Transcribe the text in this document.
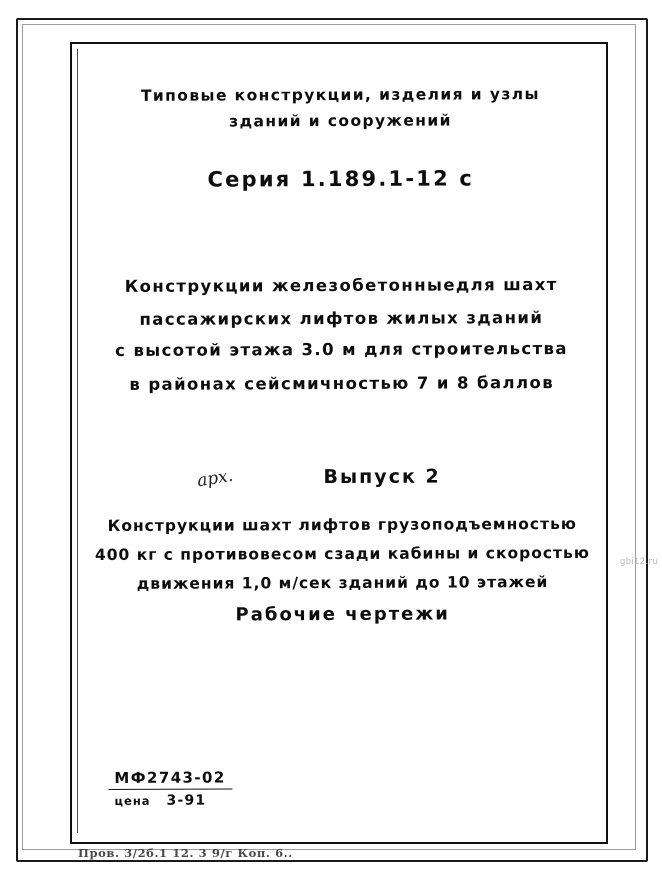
Типовые конструкции, изделия и узлы
зданий и сооружений
Серия 1.189.1-12 с
Конструкции железобетонныедля шахт
пассажирских лифтов жилых зданий
с высотой этажа 3.0 м для строительства
в районах сейсмичностью 7 и 8 баллов
Выпуск 2
арх.
Конструкции шахт лифтов грузоподъемностью
400 кг с противовесом сзади кабины и скоростью
движения 1,0 м/сек зданий до 10 этажей
Рабочие чертежи
МФ2743-02
цена 3-91
Пров. 3/2б.1 12. 3 9/г Коп. 6..
gbi12.ru
